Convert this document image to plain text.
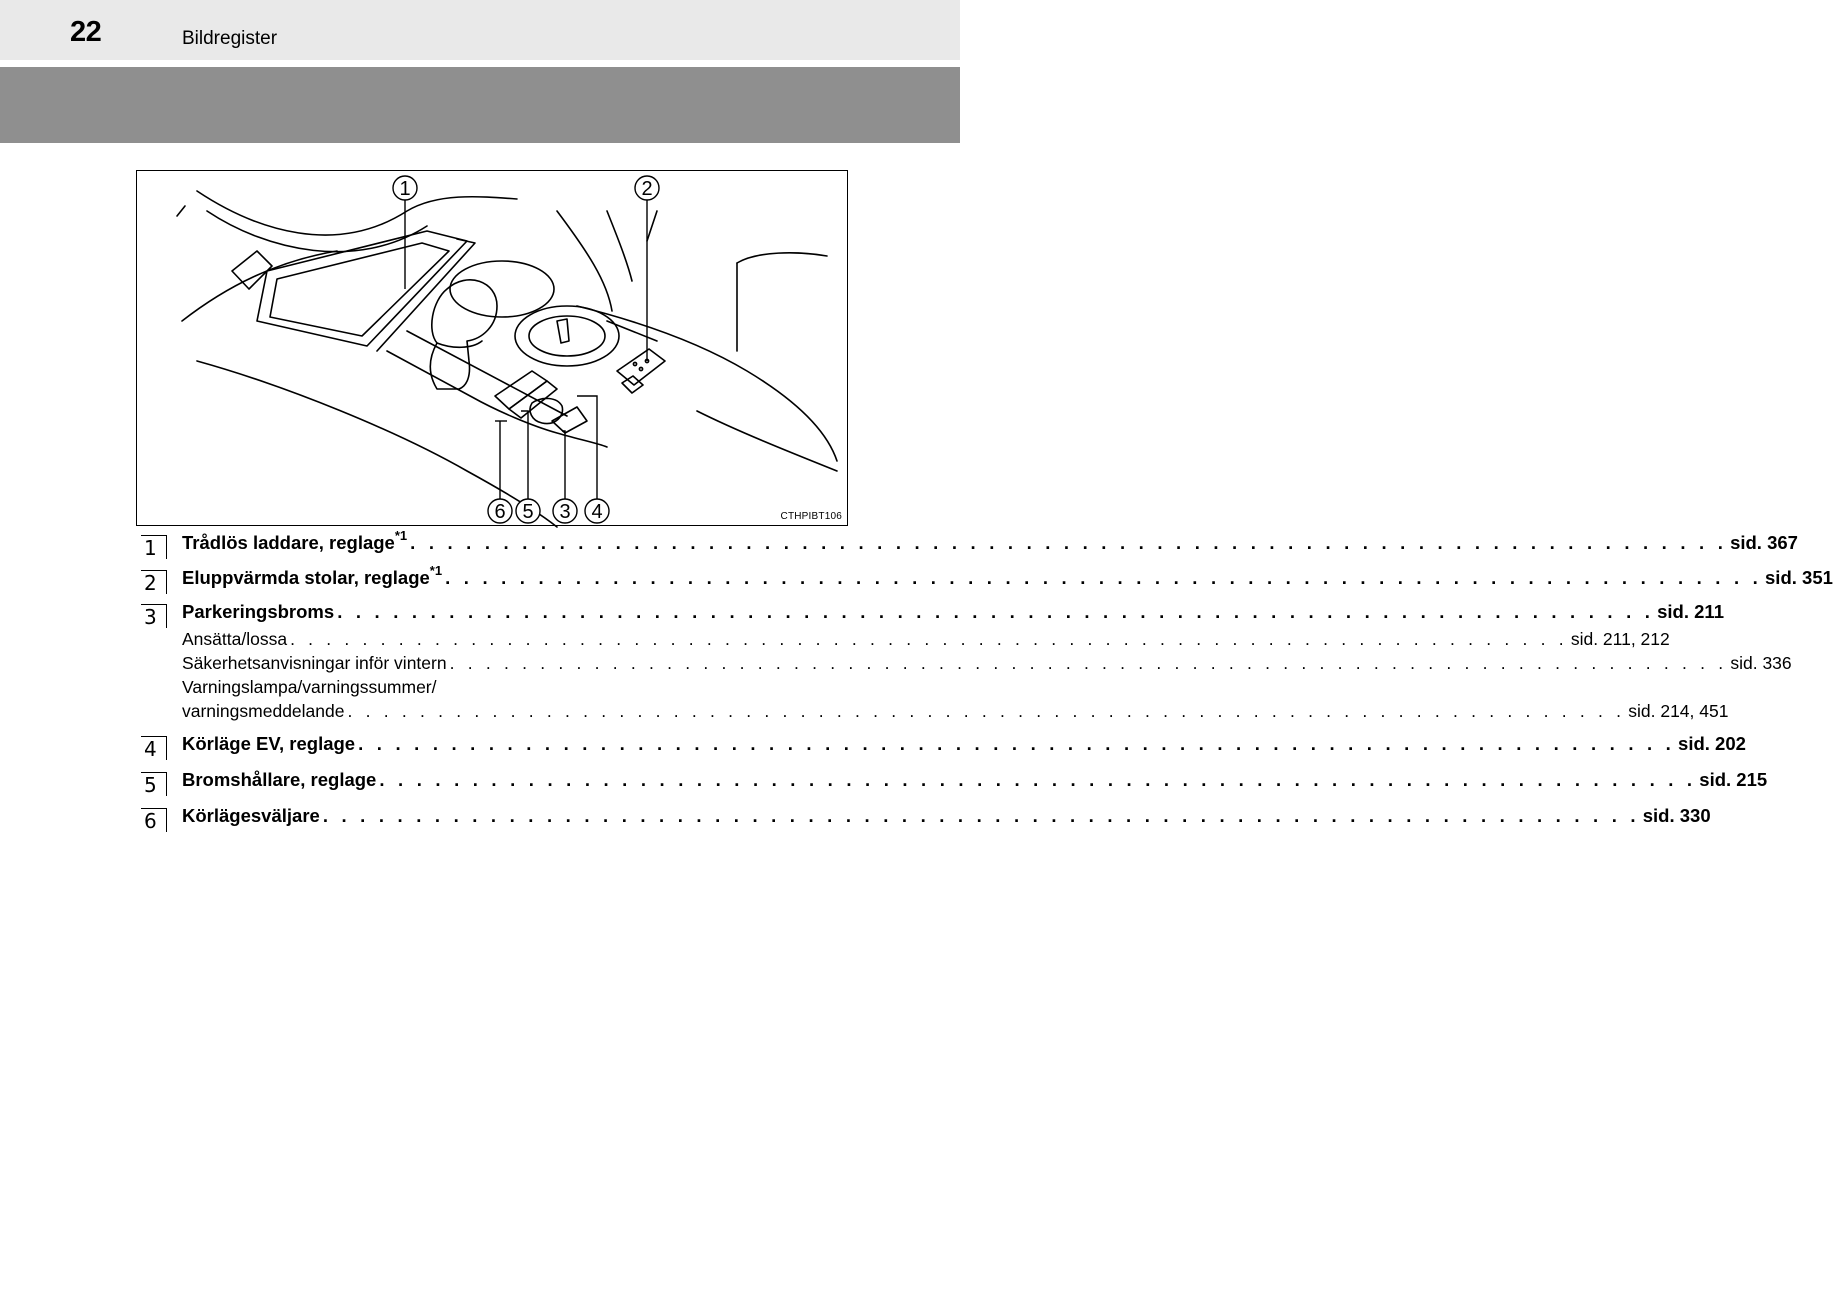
22	Bildregister
1	2
6 5 3 4	CTHPIBT106
1	Trådlös laddare, reglage$^{*1}$ . . . . . . . . . . . . . . . . . . . . . . . . . . . . . . . . . . . . . . . . . . . . . . . . . . . . . . . . . . . . . . . . . . . . . . . sid. 367
2	Eluppvärmda stolar, reglage$^{*1}$ . . . . . . . . . . . . . . . . . . . . . . . . . . . . . . . . . . . . . . . . . . . . . . . . . . . . . . . . . . . . . . . . . . . . . . . sid. 351
3	Parkeringsbroms . . . . . . . . . . . . . . . . . . . . . . . . . . . . . . . . . . . . . . . . . . . . . . . . . . . . . . . . . . . . . . . . . . . . . . . sid. 211
Ansätta/lossa . . . . . . . . . . . . . . . . . . . . . . . . . . . . . . . . . . . . . . . . . . . . . . . . . . . . . . . . . . . . . . . . . . . . . . . sid. 211, 212
Säkerhetsanvisningar inför vintern . . . . . . . . . . . . . . . . . . . . . . . . . . . . . . . . . . . . . . . . . . . . . . . . . . . . . . . . . . . . . . . . . . . . . . . sid. 336
Varningslampa/varningssummer/
varningsmeddelande . . . . . . . . . . . . . . . . . . . . . . . . . . . . . . . . . . . . . . . . . . . . . . . . . . . . . . . . . . . . . . . . . . . . . . . sid. 214, 451
4	Körläge EV, reglage . . . . . . . . . . . . . . . . . . . . . . . . . . . . . . . . . . . . . . . . . . . . . . . . . . . . . . . . . . . . . . . . . . . . . . . sid. 202
5	Bromshållare, reglage . . . . . . . . . . . . . . . . . . . . . . . . . . . . . . . . . . . . . . . . . . . . . . . . . . . . . . . . . . . . . . . . . . . . . . . sid. 215
6	Körlägesväljare . . . . . . . . . . . . . . . . . . . . . . . . . . . . . . . . . . . . . . . . . . . . . . . . . . . . . . . . . . . . . . . . . . . . . . . sid. 330
